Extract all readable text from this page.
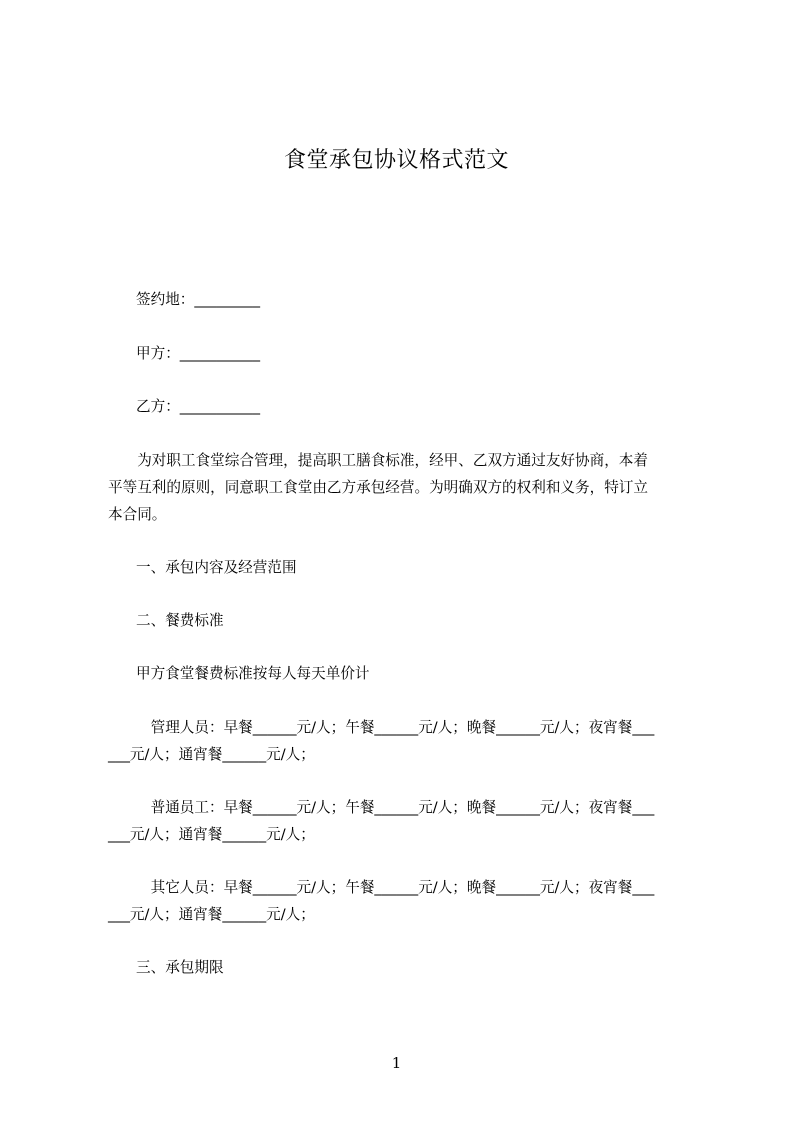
食堂承包协议格式范文
签约地：_________
甲方：___________
乙方：___________

　　为对职工食堂综合管理，提高职工膳食标准，经甲、乙双方通过友好协商，本着

平等互利的原则，同意职工食堂由乙方承包经营。为明确双方的权利和义务，特订立

本合同。

一、承包内容及经营范围
二、餐费标准
甲方食堂餐费标准按每人每天单价计

　管理人员：早餐______元/人；午餐______元/人；晚餐______元/人；夜宵餐___

___元/人；通宵餐______元/人；

　普通员工：早餐______元/人；午餐______元/人；晚餐______元/人；夜宵餐___

___元/人；通宵餐______元/人；

　其它人员：早餐______元/人；午餐______元/人；晚餐______元/人；夜宵餐___

___元/人；通宵餐______元/人；

三、承包期限
1
